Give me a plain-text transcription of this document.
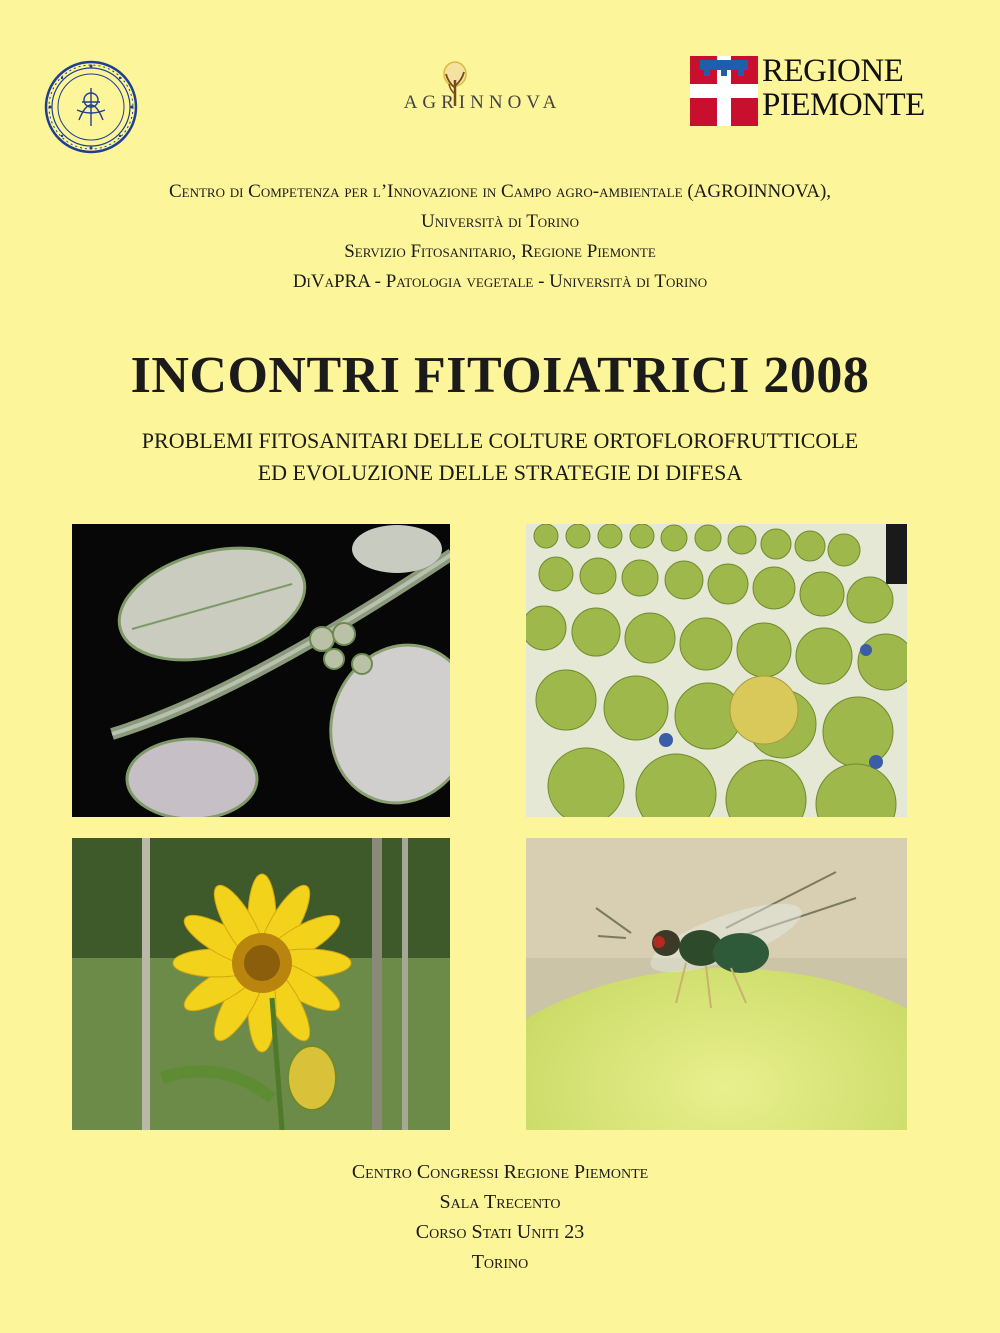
AGRINNOVA
REGIONE
PIEMONTE
Centro di Competenza per l’Innovazione in Campo agro-ambientale (AGROINNOVA),
Università di Torino
Servizio Fitosanitario, Regione Piemonte
DiVaPRA - Patologia vegetale - Università di Torino
INCONTRI FITOIATRICI 2008
PROBLEMI FITOSANITARI DELLE COLTURE ORTOFLOROFRUTTICOLE
ED EVOLUZIONE DELLE STRATEGIE DI DIFESA
Centro Congressi Regione Piemonte
Sala Trecento
Corso Stati Uniti 23
Torino
